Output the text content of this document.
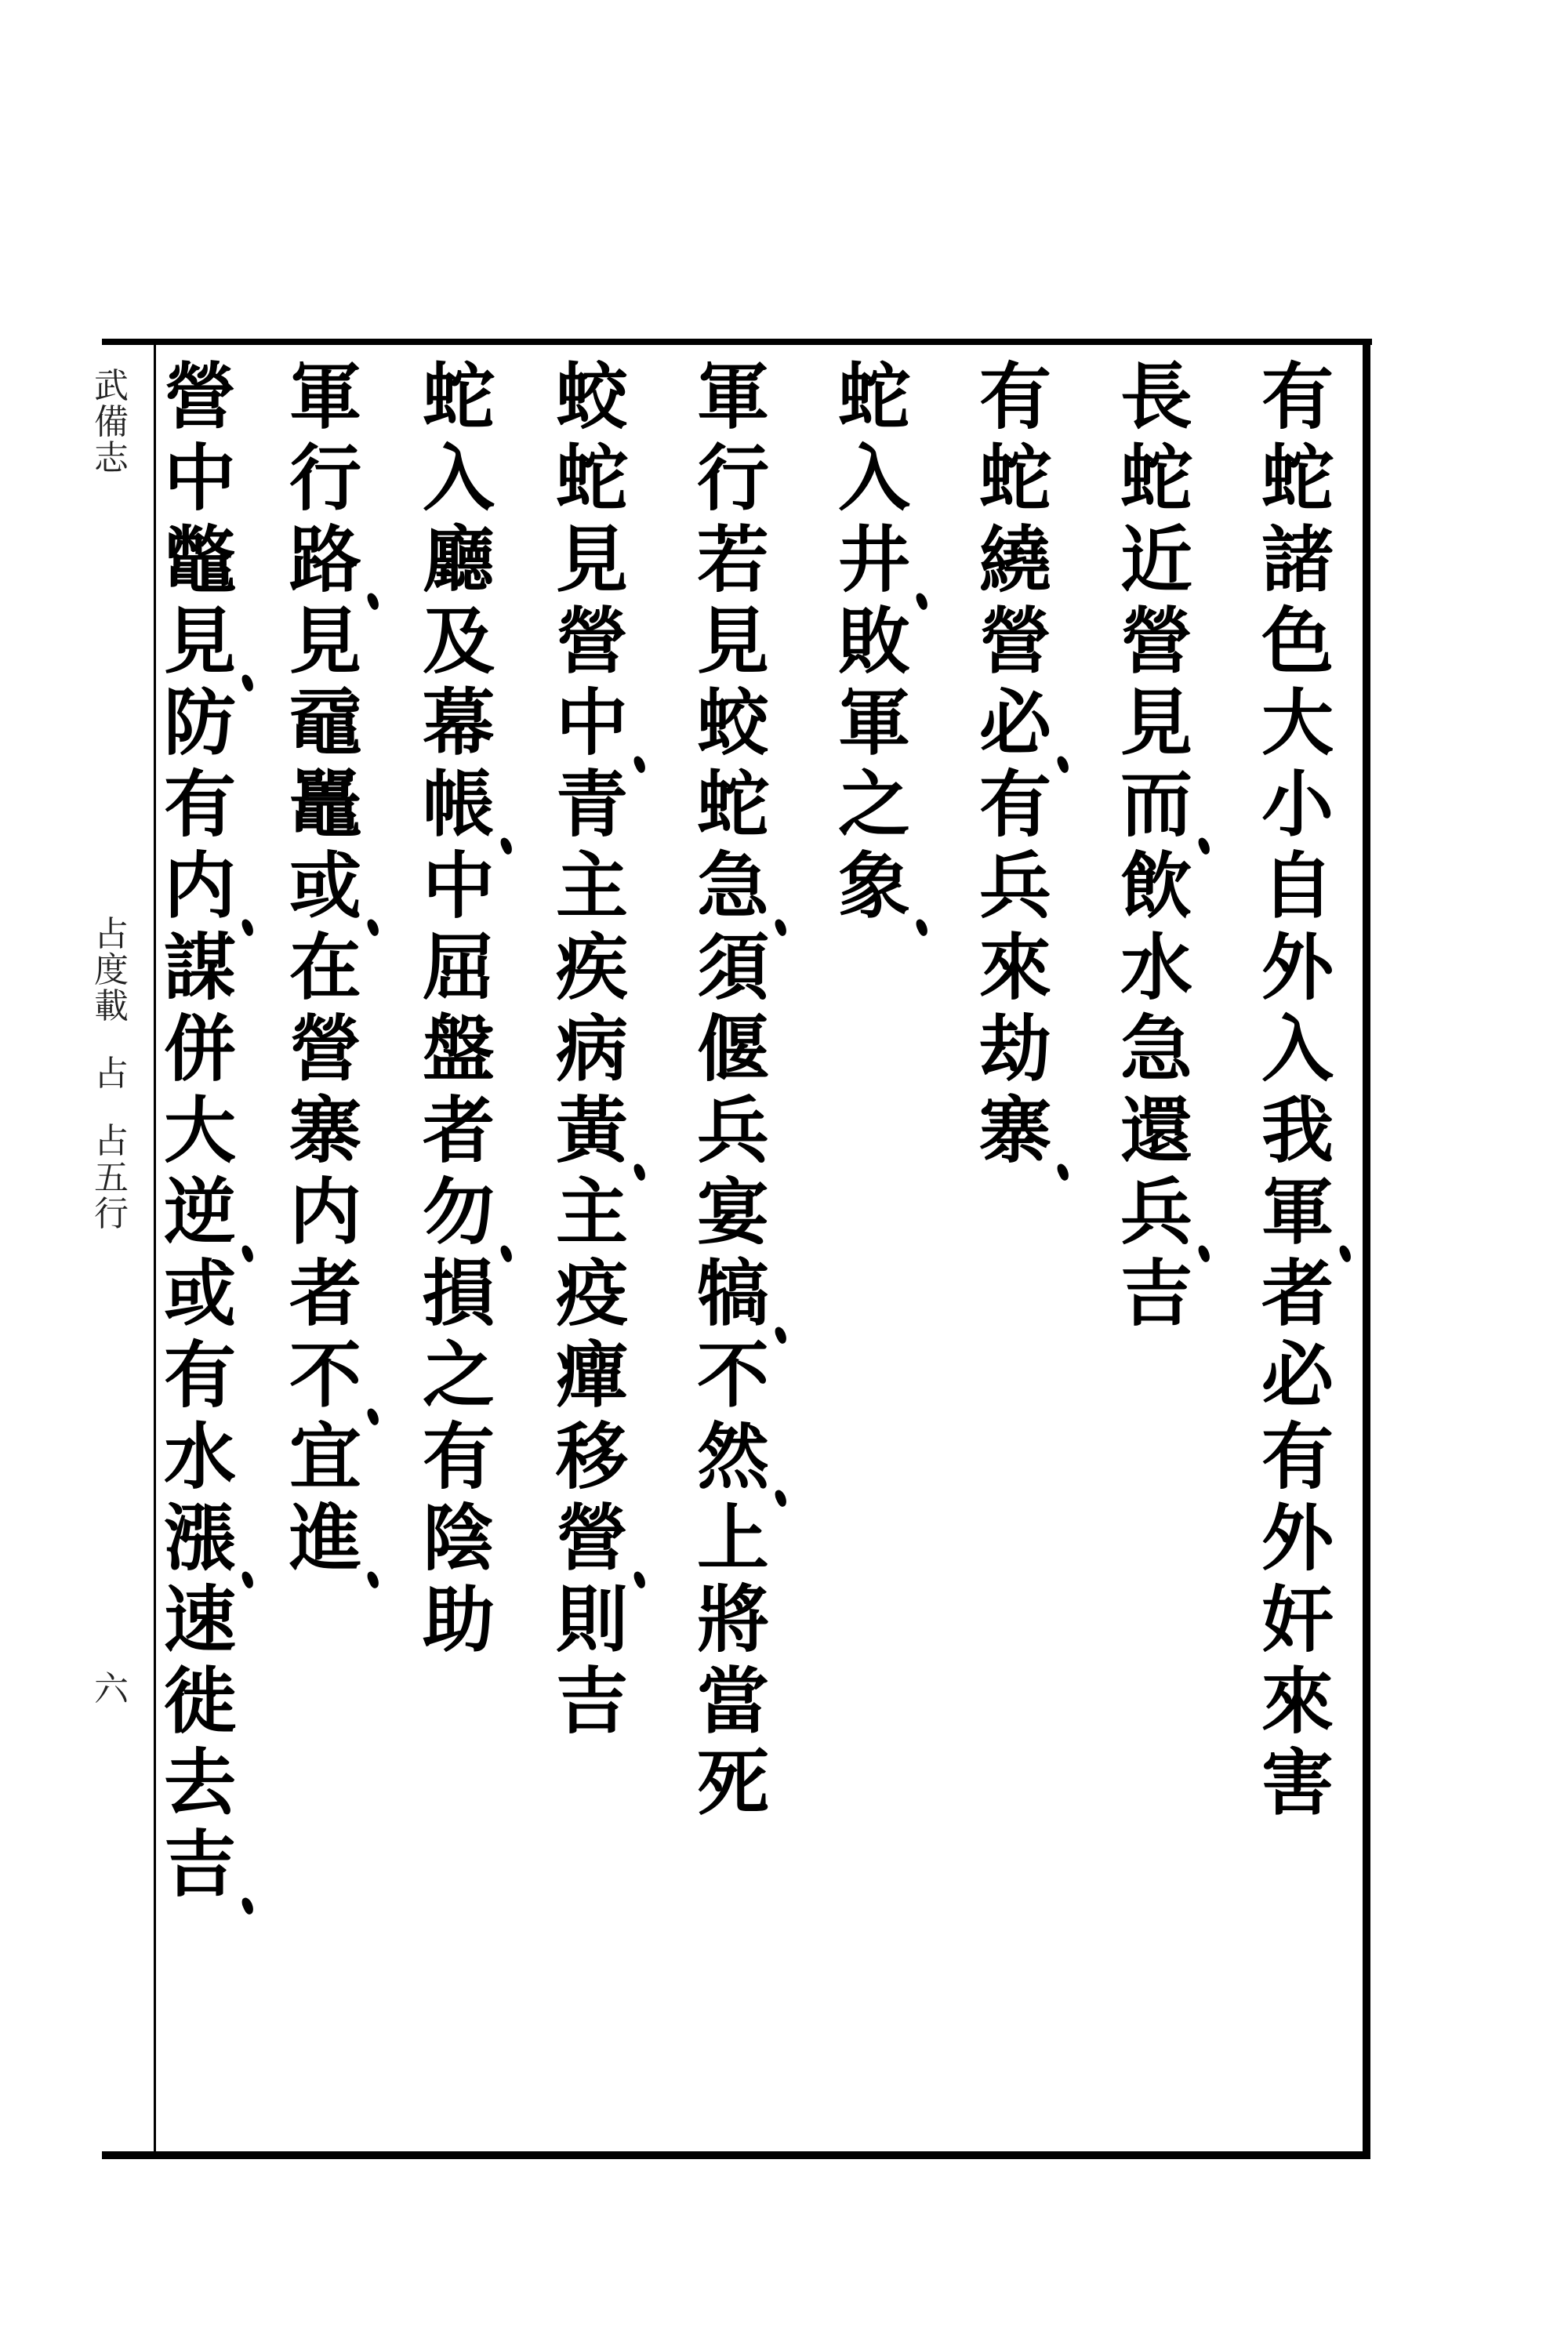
有
蛇
諸
色
大
小
自
外
入
我
軍
者
必
有
外
奸
來
害
長
蛇
近
營
見
而
飲
水
急
還
兵
吉
有
蛇
繞
營
必
有
兵
來
劫
寨
蛇
入
井
敗
軍
之
象
軍
行
若
見
蛟
蛇
急
須
偃
兵
宴
犒
不
然
上
將
當
死
蛟
蛇
見
營
中
青
主
疾
病
黃
主
疫
癉
移
營
則
吉
蛇
入
廳
及
幕
帳
中
屈
盤
者
勿
損
之
有
陰
助
軍
行
路
見
黿
鼉
或
在
營
寨
内
者
不
宜
進
營
中
鼈
見
防
有
内
謀
併
大
逆
或
有
水
漲
速
徙
去
吉
武備志
占度載
占
占五行
六
